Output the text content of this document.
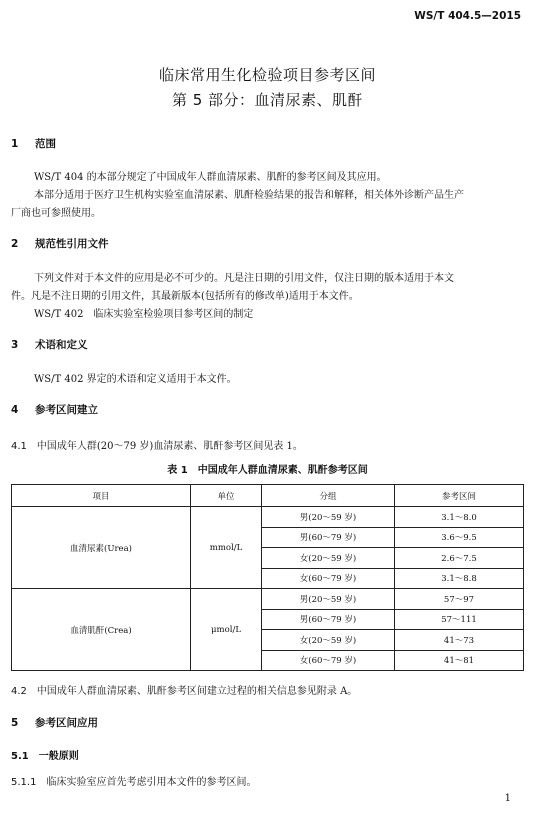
WS/T 404.5—2015
临床常用生化检验项目参考区间
第 5 部分：血清尿素、肌酐
1 范围
WS/T 404 的本部分规定了中国成年人群血清尿素、肌酐的参考区间及其应用。
本部分适用于医疗卫生机构实验室血清尿素、肌酐检验结果的报告和解释，相关体外诊断产品生产
厂商也可参照使用。
2 规范性引用文件
下列文件对于本文件的应用是必不可少的。凡是注日期的引用文件，仅注日期的版本适用于本文
件。凡是不注日期的引用文件，其最新版本(包括所有的修改单)适用于本文件。
WS/T 402　临床实验室检验项目参考区间的制定
3 术语和定义
WS/T 402 界定的术语和定义适用于本文件。
4 参考区间建立
4.1 中国成年人群(20～79 岁)血清尿素、肌酐参考区间见表 1。
表 1　中国成年人群血清尿素、肌酐参考区间
项目	单位	分组	参考区间
血清尿素(Urea)	mmol/L	男(20～59 岁)	3.1～8.0
		男(60～79 岁)	3.6～9.5
		女(20～59 岁)	2.6～7.5
		女(60～79 岁)	3.1～8.8
血清肌酐(Crea)	μmol/L	男(20～59 岁)	57～97
		男(60～79 岁)	57～111
		女(20～59 岁)	41～73
		女(60～79 岁)	41～81
4.2 中国成年人群血清尿素、肌酐参考区间建立过程的相关信息参见附录 A。
5 参考区间应用
5.1 一般原则
5.1.1 临床实验室应首先考虑引用本文件的参考区间。
1
